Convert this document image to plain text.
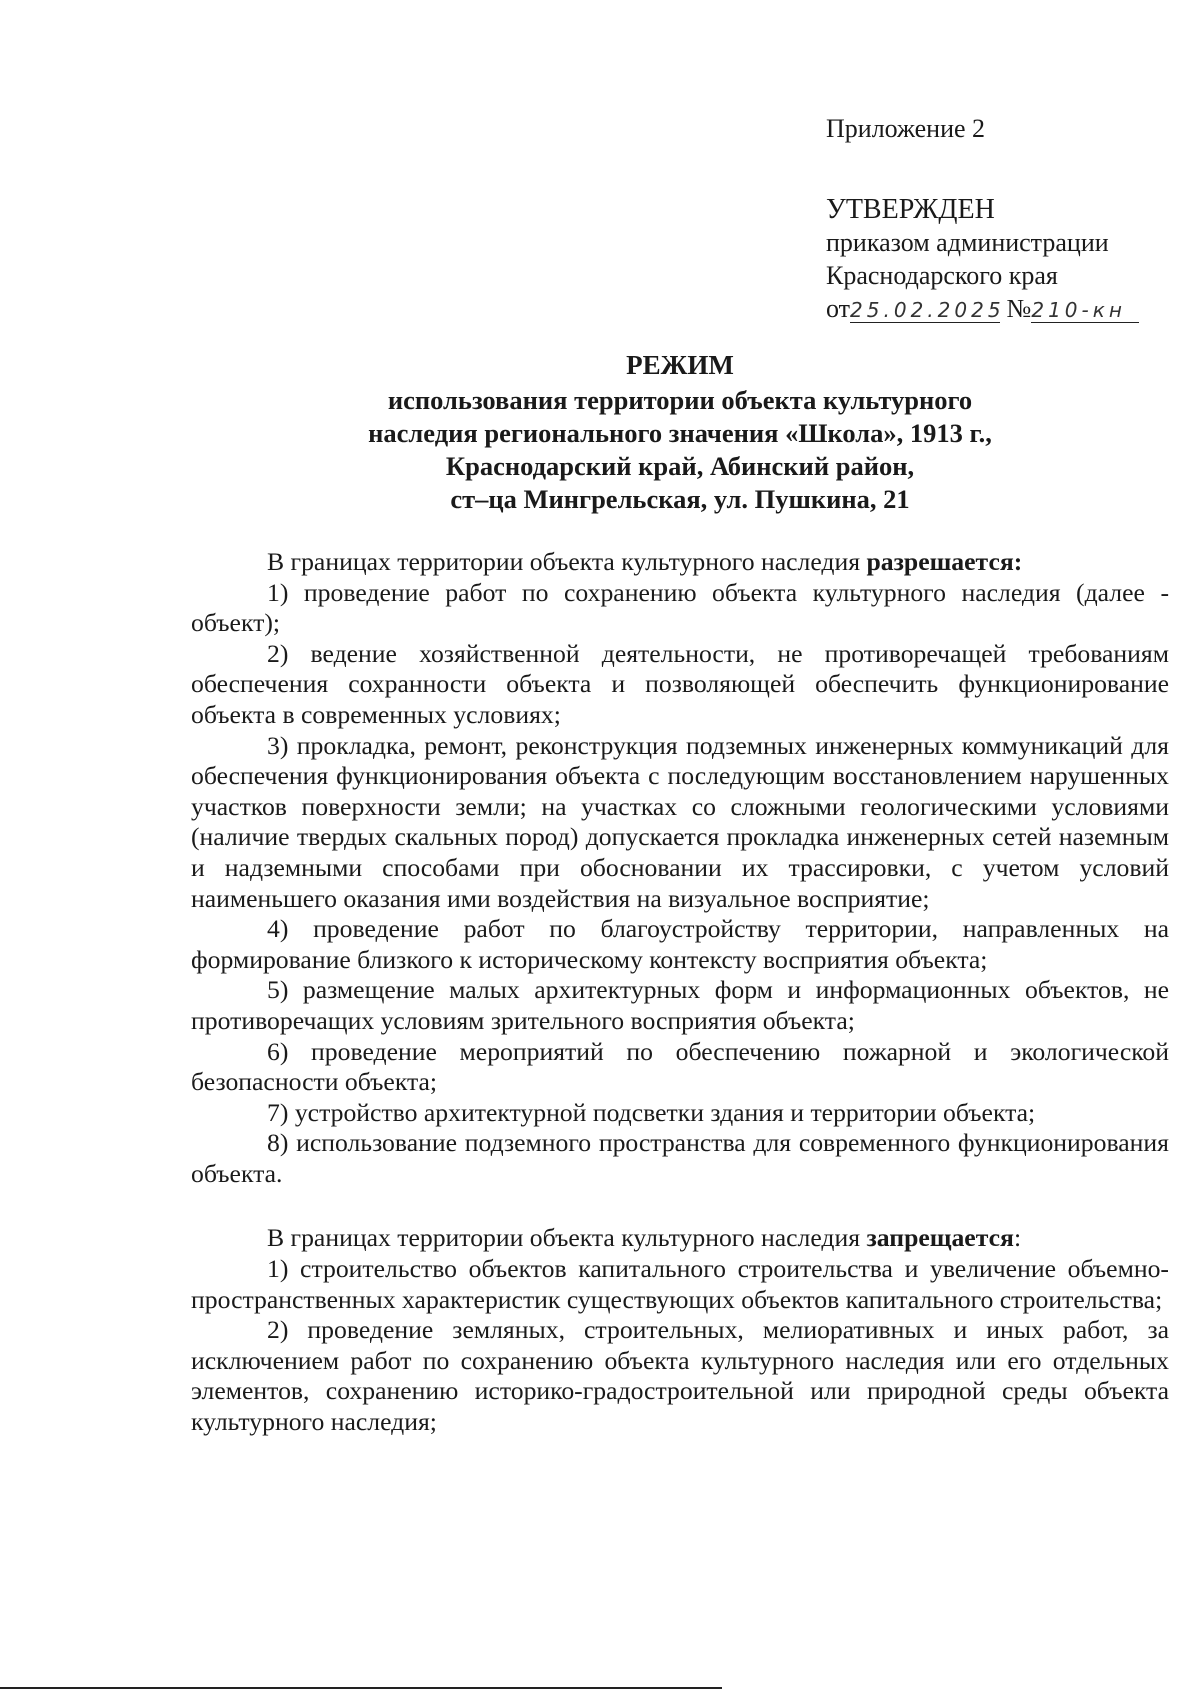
Приложение 2
УТВЕРЖДЕН
приказом администрации
Краснодарского края
от25.02.2025 №210-кн
РЕЖИМ
использования территории объекта культурного
наследия регионального значения «Школа», 1913 г.,
Краснодарский край, Абинский район,
ст–ца Мингрельская, ул. Пушкина, 21

В границах территории объекта культурного наследия разрешается:

1) проведение работ по сохранению объекта культурного наследия (далее - объект);

2) ведение хозяйственной деятельности, не противоречащей требованиям обеспечения сохранности объекта и позволяющей обеспечить функционирование объекта в современных условиях;

3) прокладка, ремонт, реконструкция подземных инженерных коммуникаций для обеспечения функционирования объекта с последующим восстановлением нарушенных участков поверхности земли; на участках со сложными геологическими условиями (наличие твердых скальных пород) допускается прокладка инженерных сетей наземным и надземными способами при обосновании их трассировки, с учетом условий наименьшего оказания ими воздействия на визуальное восприятие;

4) проведение работ по благоустройству территории, направленных на формирование близкого к историческому контексту восприятия объекта;

5) размещение малых архитектурных форм и информационных объектов, не противоречащих условиям зрительного восприятия объекта;

6) проведение мероприятий по обеспечению пожарной и экологической безопасности объекта;

7) устройство архитектурной подсветки здания и территории объекта;

8) использование подземного пространства для современного функционирования объекта.

В границах территории объекта культурного наследия запрещается:

1) строительство объектов капитального строительства и увеличение объемно-пространственных характеристик существующих объектов капитального строительства;

2) проведение земляных, строительных, мелиоративных и иных работ, за исключением работ по сохранению объекта культурного наследия или его отдельных элементов, сохранению историко-градостроительной или природной среды объекта культурного наследия;
